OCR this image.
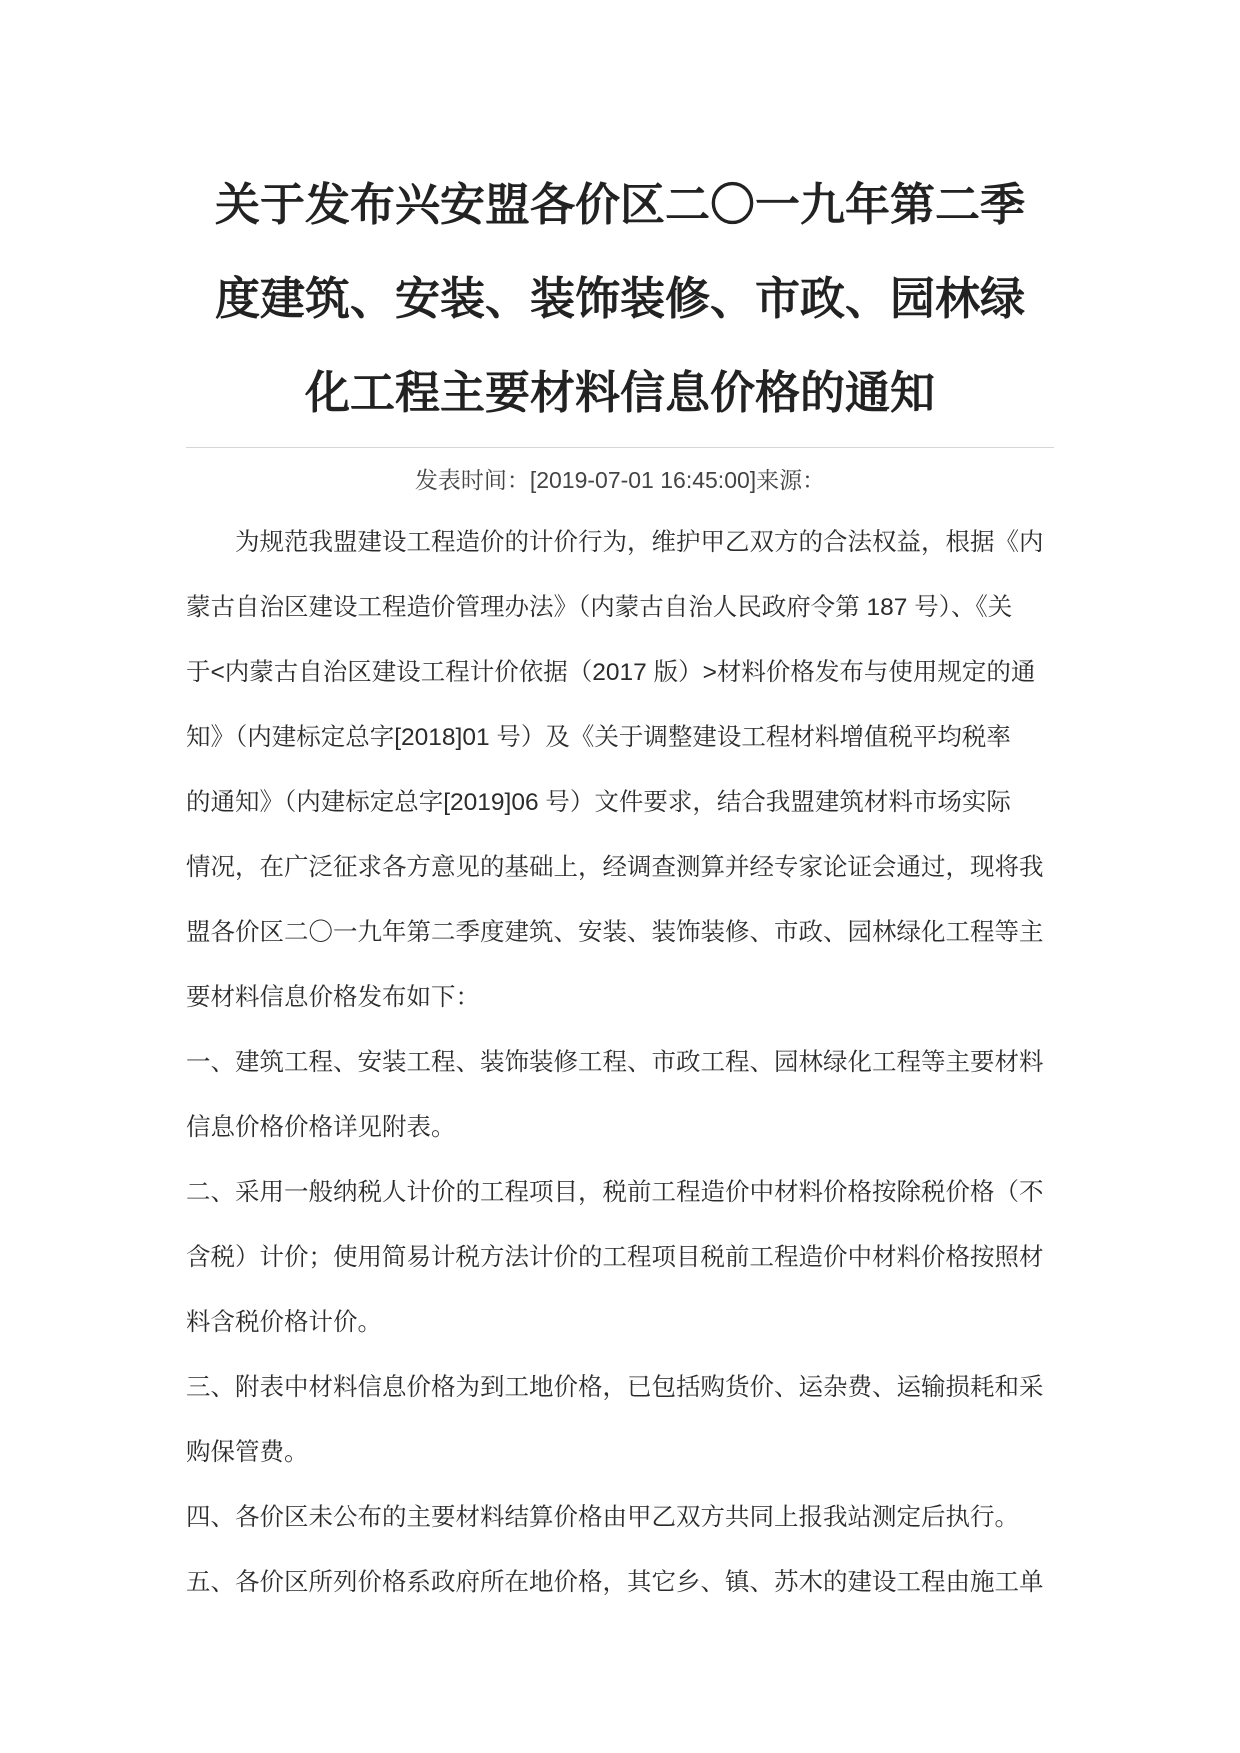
关于发布兴安盟各价区二〇一九年第二季
度建筑、安装、装饰装修、市政、园林绿
化工程主要材料信息价格的通知
发表时间：[2019-07-01 16:45:00]来源：
　　为规范我盟建设工程造价的计价行为，维护甲乙双方的合法权益，根据《内
蒙古自治区建设工程造价管理办法》（内蒙古自治人民政府令第 187 号）、《关
于<内蒙古自治区建设工程计价依据（2017 版）>材料价格发布与使用规定的通
知》（内建标定总字[2018]01 号）及《关于调整建设工程材料增值税平均税率
的通知》（内建标定总字[2019]06 号）文件要求，结合我盟建筑材料市场实际
情况，在广泛征求各方意见的基础上，经调查测算并经专家论证会通过，现将我
盟各价区二〇一九年第二季度建筑、安装、装饰装修、市政、园林绿化工程等主
要材料信息价格发布如下：
一、建筑工程、安装工程、装饰装修工程、市政工程、园林绿化工程等主要材料
信息价格价格详见附表。
二、采用一般纳税人计价的工程项目，税前工程造价中材料价格按除税价格（不
含税）计价；使用简易计税方法计价的工程项目税前工程造价中材料价格按照材
料含税价格计价。
三、附表中材料信息价格为到工地价格，已包括购货价、运杂费、运输损耗和采
购保管费。
四、各价区未公布的主要材料结算价格由甲乙双方共同上报我站测定后执行。
五、各价区所列价格系政府所在地价格，其它乡、镇、苏木的建设工程由施工单
